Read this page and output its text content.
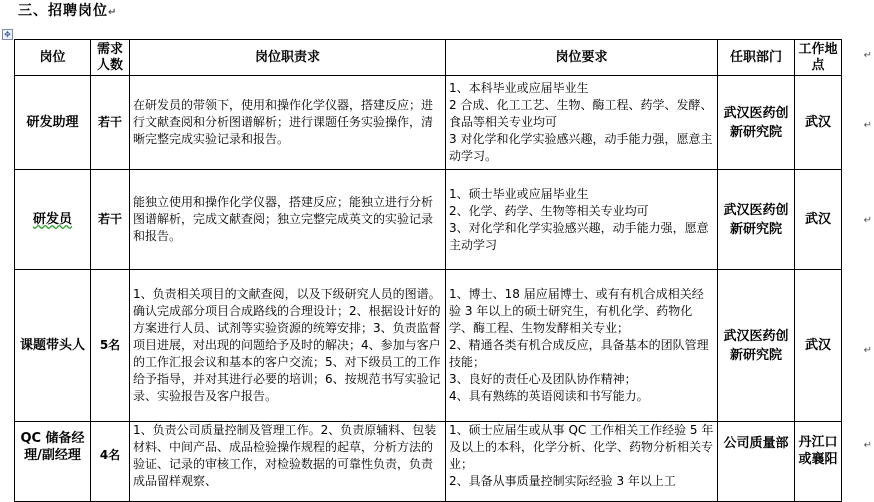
三、招聘岗位↵
✥
岗位	需求人数	岗位职责求	岗位要求	任职部门	工作地点
研发助理	若干	在研发员的带领下，使用和操作化学仪器，搭建反应；进行文献查阅和分析图谱解析；进行课题任务实验操作，清晰完整完成实验记录和报告。	1、本科毕业或应届毕业生
2 合成、化工工艺、生物、酶工程、药学、发酵、食品等相关专业均可
3 对化学和化学实验感兴趣，动手能力强，愿意主动学习。	武汉医药创新研究院	武汉
研发员	若干	能独立使用和操作化学仪器，搭建反应；能独立进行分析图谱解析，完成文献查阅；独立完整完成英文的实验记录和报告。	1、硕士毕业或应届毕业生
2、化学、药学、生物等相关专业均可
3、对化学和化学实验感兴趣，动手能力强，愿意主动学习	武汉医药创新研究院	武汉
课题带头人	5名	1、负责相关项目的文献查阅，以及下级研究人员的图谱。确认完成部分项目合成路线的合理设计；2、根据设计好的方案进行人员、试剂等实验资源的统筹安排；3、负责监督项目进展，对出现的问题给予及时的解决；4、参加与客户的工作汇报会议和基本的客户交流；5、对下级员工的工作给予指导，并对其进行必要的培训；6、按规范书写实验记录、实验报告及客户报告。	1、博士、18 届应届博士、或有有机合成相关经验 3 年以上的硕士研究生，有机化学、药物化学、酶工程、生物发酵相关专业；
2、精通各类有机合成反应，具备基本的团队管理技能；
3、良好的责任心及团队协作精神；
4、具有熟练的英语阅读和书写能力。	武汉医药创新研究院	武汉
QC 储备经理/副经理	4名	1、负责公司质量控制及管理工作。2、负责原辅料、包装材料、中间产品、成品检验操作规程的起草，分析方法的验证、记录的审核工作，对检验数据的可靠性负责，负责成品留样观察、	1、硕士应届生或从事 QC 工作相关工作经验 5 年及以上的本科，化学分析、化学、药物分析相关专业；
2、具备从事质量控制实际经验 3 年以上工	公司质量部	丹江口或襄阳
↵
↵
↵
↵
↵
